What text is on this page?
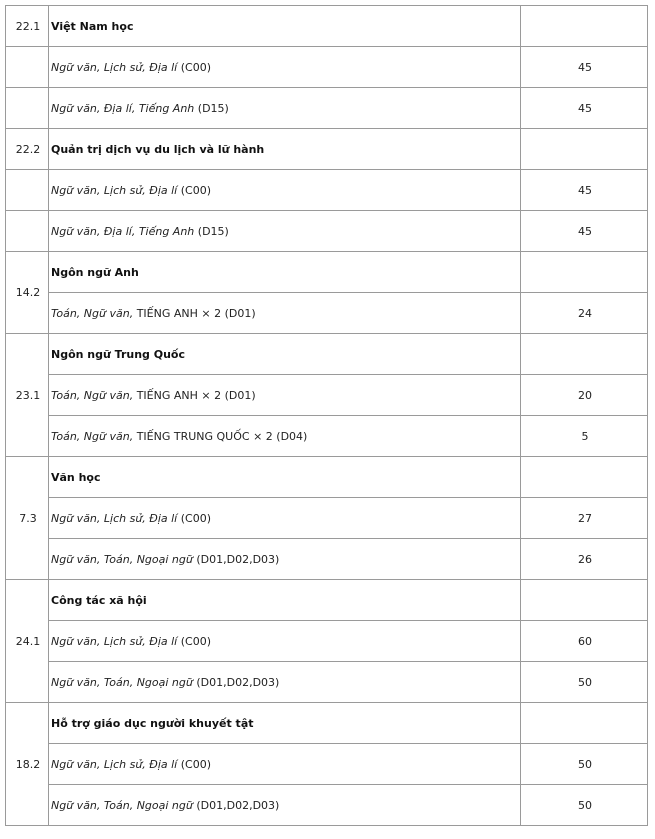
22.1	Việt Nam học	
	Ngữ văn, Lịch sử, Địa lí (C00)	45
	Ngữ văn, Địa lí, Tiếng Anh (D15)	45
22.2	Quản trị dịch vụ du lịch và lữ hành	
	Ngữ văn, Lịch sử, Địa lí (C00)	45
	Ngữ văn, Địa lí, Tiếng Anh (D15)	45
14.2	Ngôn ngữ Anh	
	Toán, Ngữ văn, TIẾNG ANH × 2 (D01)	24
23.1	Ngôn ngữ Trung Quốc	
	Toán, Ngữ văn, TIẾNG ANH × 2 (D01)	20
	Toán, Ngữ văn, TIẾNG TRUNG QUỐC × 2 (D04)	5
7.3	Văn học	
	Ngữ văn, Lịch sử, Địa lí (C00)	27
	Ngữ văn, Toán, Ngoại ngữ (D01,D02,D03)	26
24.1	Công tác xã hội	
	Ngữ văn, Lịch sử, Địa lí (C00)	60
	Ngữ văn, Toán, Ngoại ngữ (D01,D02,D03)	50
18.2	Hỗ trợ giáo dục người khuyết tật	
	Ngữ văn, Lịch sử, Địa lí (C00)	50
	Ngữ văn, Toán, Ngoại ngữ (D01,D02,D03)	50
